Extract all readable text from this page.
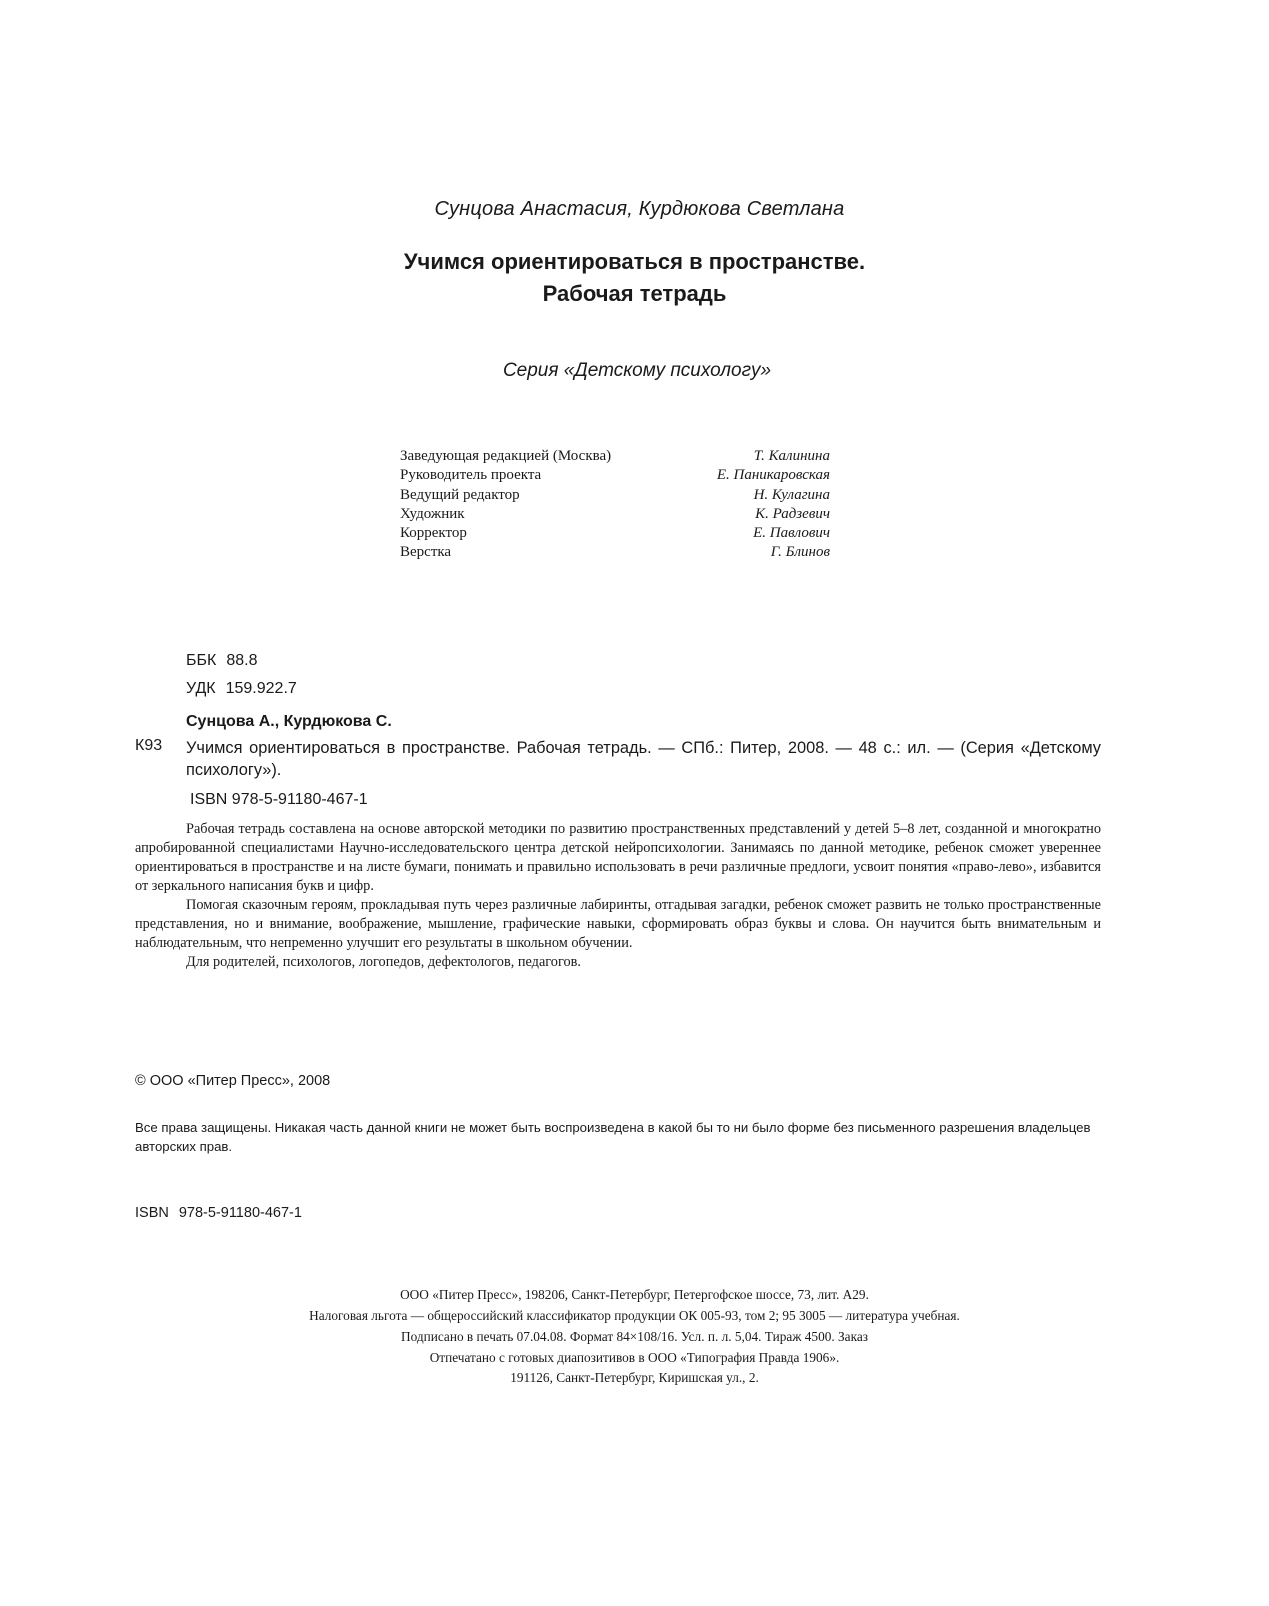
Сунцова Анастасия, Курдюкова Светлана
Учимся ориентироваться в пространстве.
Рабочая тетрадь
Серия «Детскому психологу»
Заведующая редакцией (Москва)	Т. Калинина
Руководитель проекта	Е. Паникаровская
Ведущий редактор	Н. Кулагина
Художник	К. Радзевич
Корректор	Е. Павлович
Верстка	Г. Блинов
ББК 88.8
УДК 159.922.7
Сунцова А., Курдюкова С.
К93 Учимся ориентироваться в пространстве. Рабочая тетрадь. — СПб.: Питер, 2008. — 48 с.: ил. — (Серия «Детскому психологу»).
ISBN 978-5-91180-467-1

Рабочая тетрадь составлена на основе авторской методики по развитию пространственных представлений у детей 5–8 лет, созданной и многократно апробированной специалистами Научно-исследовательского центра детской нейропсихологии. Занимаясь по данной методике, ребенок сможет увереннее ориентироваться в пространстве и на листе бумаги, понимать и правильно использовать в речи различные предлоги, усвоит понятия «право-лево», избавится от зеркального написания букв и цифр.

Помогая сказочным героям, прокладывая путь через различные лабиринты, отгадывая загадки, ребенок сможет развить не только пространственные представления, но и внимание, воображение, мышление, графические навыки, сформировать образ буквы и слова. Он научится быть внимательным и наблюдательным, что непременно улучшит его результаты в школьном обучении.

Для родителей, психологов, логопедов, дефектологов, педагогов.

© ООО «Питер Пресс», 2008
Все права защищены. Никакая часть данной книги не может быть воспроизведена в какой бы то ни было форме без письменного разрешения владельцев авторских прав.
ISBN 978-5-91180-467-1
ООО «Питер Пресс», 198206, Санкт-Петербург, Петергофское шоссе, 73, лит. А29.
Налоговая льгота — общероссийский классификатор продукции ОК 005-93, том 2; 95 3005 — литература учебная.
Подписано в печать 07.04.08. Формат 84×108/16. Усл. п. л. 5,04. Тираж 4500. Заказ
Отпечатано с готовых диапозитивов в ООО «Типография Правда 1906».
191126, Санкт-Петербург, Киришская ул., 2.
